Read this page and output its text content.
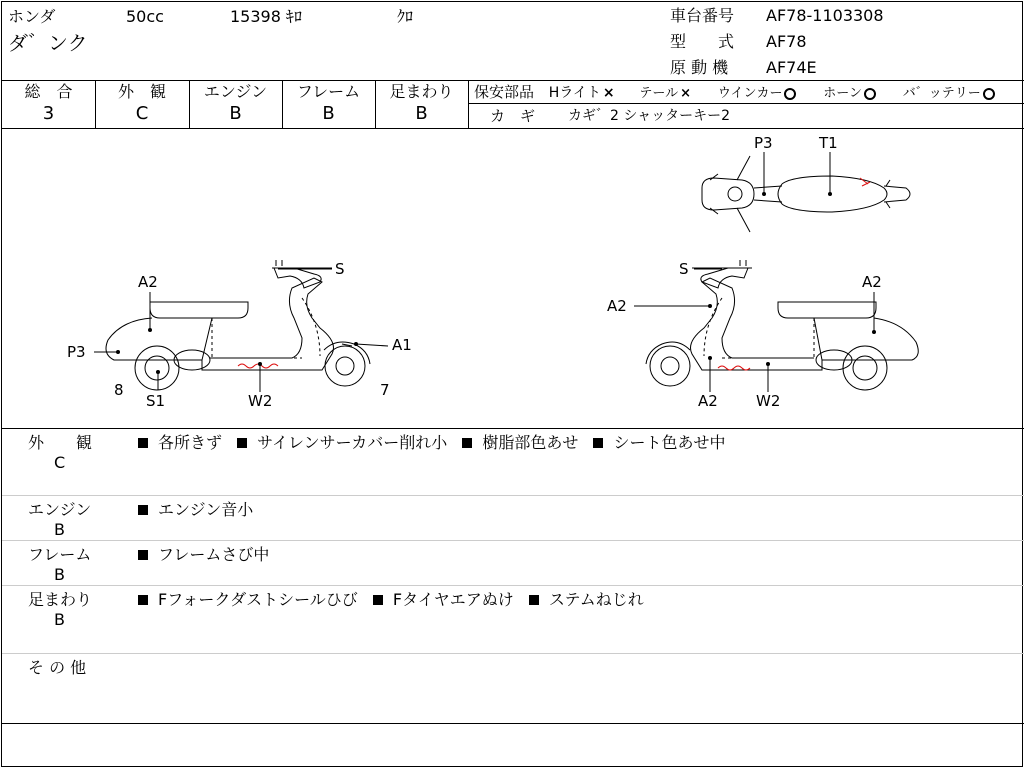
ホンダ	50cc	15398 ｷﾛ	ｸﾛ
ダ゛ンク
車台番号 AF78-1103308
型　　式 AF78
原 動 機 AF74E
総　合
3
外　観
C
エンジン
B
フレーム
B
足まわり
B
保安部品 Hライト × テール × ウインカー	ホーン	バ゛ッテリー
カ　ギ カギ゛2 シャッターキー2
P3	T1
S
A2
P3	A1
8
S1	W2
7
S
A2
A2
A2	W2
外　　観
C
各所きず サイレンサーカバー削れ小 樹脂部色あせ シート色あせ中
エンジン
B
エンジン音小
フレーム
B
フレームさび中
足まわり
B
Fフォークダストシールひび Fタイヤエアぬけ ステムねじれ
そ の 他
